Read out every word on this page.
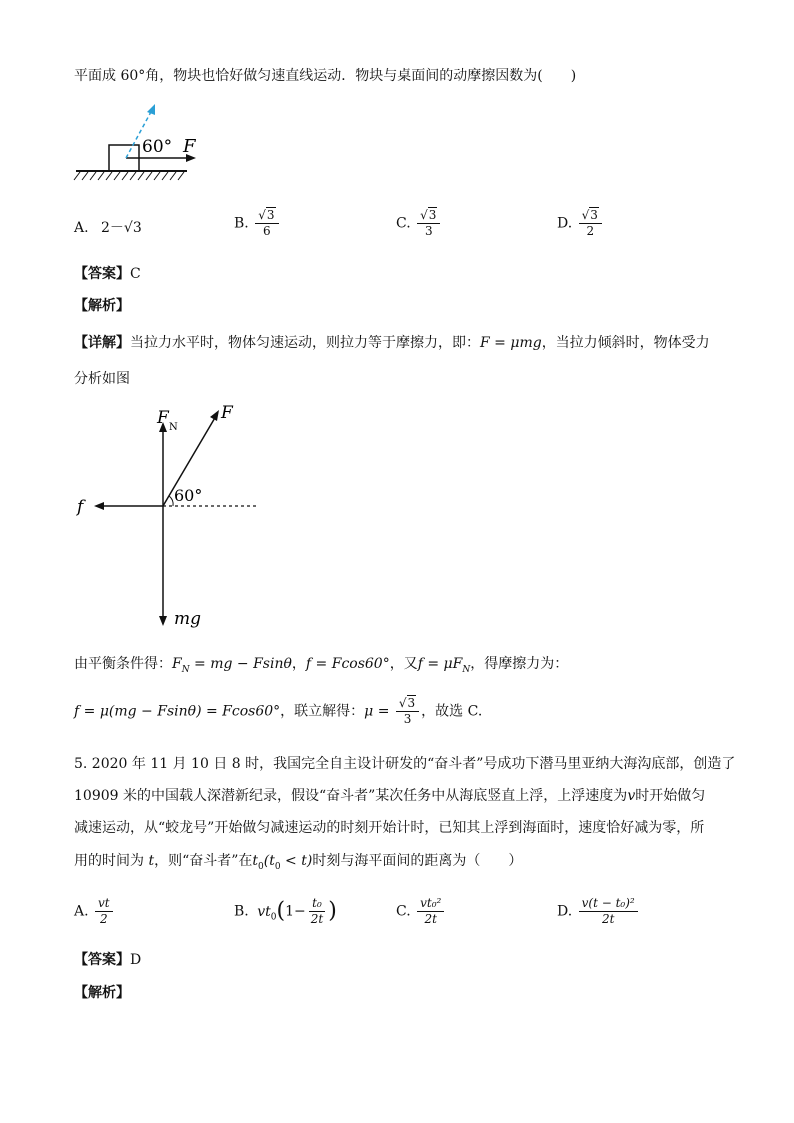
平面成 60°角，物块也恰好做匀速直线运动．物块与桌面间的动摩擦因数为(　　)
60° F
A. 2－√3	B. $\frac{√3}{6}$	C. $\frac{√3}{3}$	D. $\frac{√3}{2}$
【答案】C
【解析】
【详解】当拉力水平时，物体匀速运动，则拉力等于摩擦力，即：F = μmg，当拉力倾斜时，物体受力
分析如图
F N
F
60°
f
mg
由平衡条件得：$F_N$ = mg − Fsinθ，f = Fcos60°，又$f = \mu F_N$，得摩擦力为：
f = μ(mg − Fsinθ) = Fcos60°，联立解得：$\mu = \frac{√3}{3}$ ，故选 C.
5. 2020 年 11 月 10 日 8 时，我国完全自主设计研发的“奋斗者”号成功下潜马里亚纳大海沟底部，创造了
10909 米的中国载人深潜新纪录，假设“奋斗者”某次任务中从海底竖直上浮，上浮速度为v时开始做匀
减速运动，从“蛟龙号”开始做匀减速运动的时刻开始计时，已知其上浮到海面时，速度恰好减为零，所
用的时间为 t，则“奋斗者”在$t_0(t_0 < t)$时刻与海平面间的距离为（　　）
A. $\frac{vt}{2}$	B. $vt_0(1- \frac{\text{t₀}}{2t}$ )	C. $\frac{\text{vt₀²}}{2t}$	D. $\frac{\text{v(t − t₀)²}}{2t}$
【答案】D
【解析】
